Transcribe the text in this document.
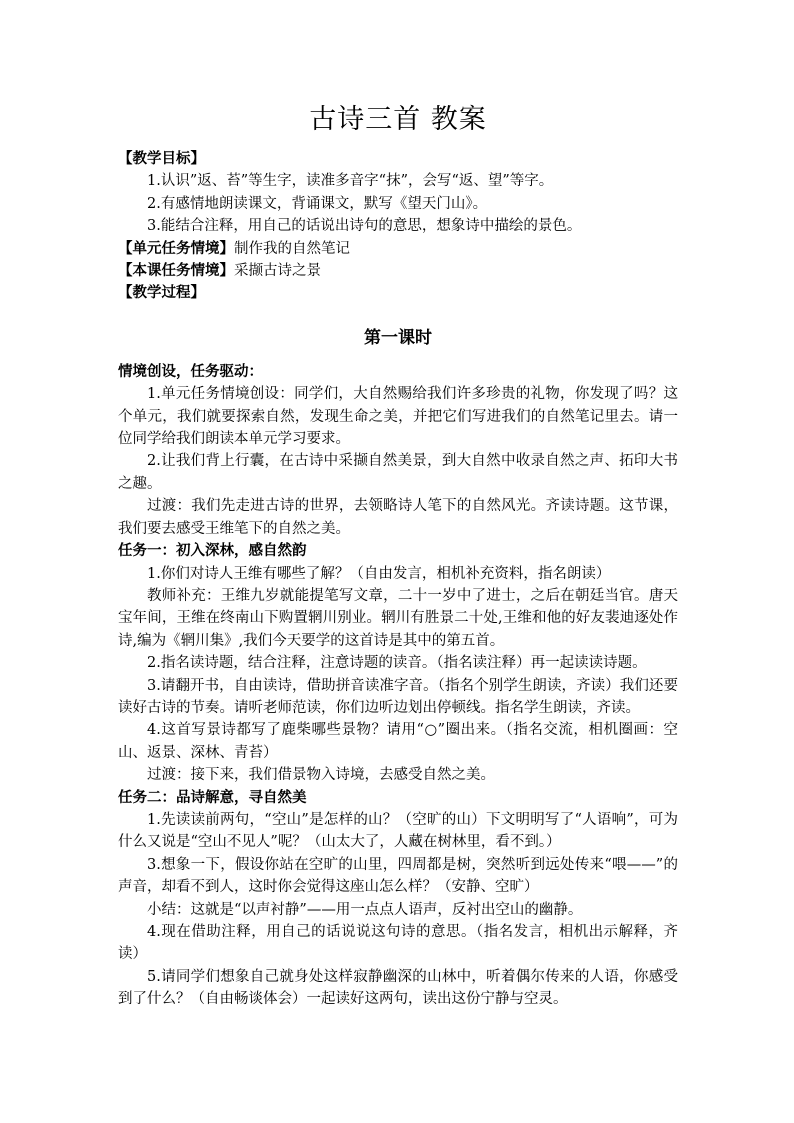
古诗三首 教案

【教学目标】

1.认识”返、苔”等生字，读准多音字“抹”，会写“返、望”等字。

2.有感情地朗读课文，背诵课文，默写《望天门山》。

3.能结合注释，用自己的话说出诗句的意思，想象诗中描绘的景色。

【单元任务情境】制作我的自然笔记

【本课任务情境】采撷古诗之景

【教学过程】

第一课时

情境创设，任务驱动：

1.单元任务情境创设：同学们，大自然赐给我们许多珍贵的礼物，你发现了吗？这个单元，我们就要探索自然，发现生命之美，并把它们写进我们的自然笔记里去。请一位同学给我们朗读本单元学习要求。

2.让我们背上行囊，在古诗中采撷自然美景，到大自然中收录自然之声、拓印大书之趣。

过渡：我们先走进古诗的世界，去领略诗人笔下的自然风光。齐读诗题。这节课，我们要去感受王维笔下的自然之美。

任务一：初入深林，感自然韵

1.你们对诗人王维有哪些了解？（自由发言，相机补充资料，指名朗读）

教师补充：王维九岁就能提笔写文章，二十一岁中了进士，之后在朝廷当官。唐天宝年间，王维在终南山下购置辋川别业。辋川有胜景二十处,王维和他的好友裴迪逐处作诗,编为《辋川集》,我们今天要学的这首诗是其中的第五首。

2.指名读诗题，结合注释，注意诗题的读音。（指名读注释）再一起读读诗题。

3.请翻开书，自由读诗，借助拼音读准字音。（指名个别学生朗读，齐读）我们还要读好古诗的节奏。请听老师范读，你们边听边划出停顿线。指名学生朗读，齐读。

4.这首写景诗都写了鹿柴哪些景物？请用“○”圈出来。（指名交流，相机圈画：空山、返景、深林、青苔）

过渡：接下来，我们借景物入诗境，去感受自然之美。

任务二：品诗解意，寻自然美

1.先读读前两句，“空山”是怎样的山？（空旷的山）下文明明写了“人语响”，可为什么又说是“空山不见人”呢？（山太大了，人藏在树林里，看不到。）

3.想象一下，假设你站在空旷的山里，四周都是树，突然听到远处传来“喂——”的声音，却看不到人，这时你会觉得这座山怎么样？（安静、空旷）

小结：这就是“以声衬静”——用一点点人语声，反衬出空山的幽静。

4.现在借助注释，用自己的话说说这句诗的意思。（指名发言，相机出示解释，齐读）

5.请同学们想象自己就身处这样寂静幽深的山林中，听着偶尔传来的人语，你感受到了什么？（自由畅谈体会）一起读好这两句，读出这份宁静与空灵。
